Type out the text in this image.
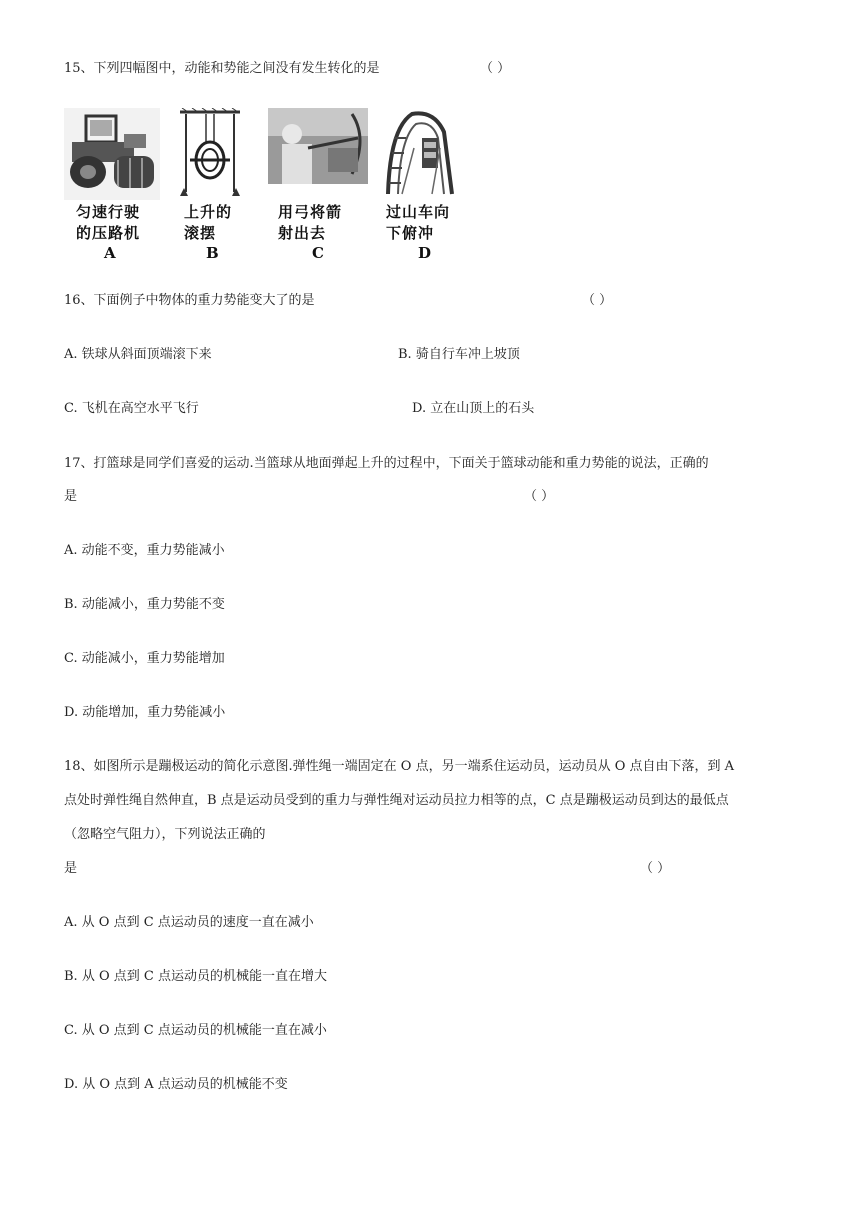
15、下列四幅图中，动能和势能之间没有发生转化的是	（ ）
匀速行驶
的压路机
A
上升的
滚摆
B
用弓将箭
射出去
C
过山车向
下俯冲
D
16、下面例子中物体的重力势能变大了的是	（ ）
A. 铁球从斜面顶端滚下来	B. 骑自行车冲上坡顶
C. 飞机在高空水平飞行	D. 立在山顶上的石头
17、打篮球是同学们喜爱的运动.当篮球从地面弹起上升的过程中，下面关于篮球动能和重力势能的说法，正确的
是	（ ）
A. 动能不变，重力势能减小
B. 动能减小，重力势能不变
C. 动能减小，重力势能增加
D. 动能增加，重力势能减小
18、如图所示是蹦极运动的简化示意图.弹性绳一端固定在 O 点，另一端系住运动员，运动员从 O 点自由下落，到 A
点处时弹性绳自然伸直，B 点是运动员受到的重力与弹性绳对运动员拉力相等的点，C 点是蹦极运动员到达的最低点
（忽略空气阻力），下列说法正确的
是	（ ）
A. 从 O 点到 C 点运动员的速度一直在减小
B. 从 O 点到 C 点运动员的机械能一直在增大
C. 从 O 点到 C 点运动员的机械能一直在减小
D. 从 O 点到 A 点运动员的机械能不变
